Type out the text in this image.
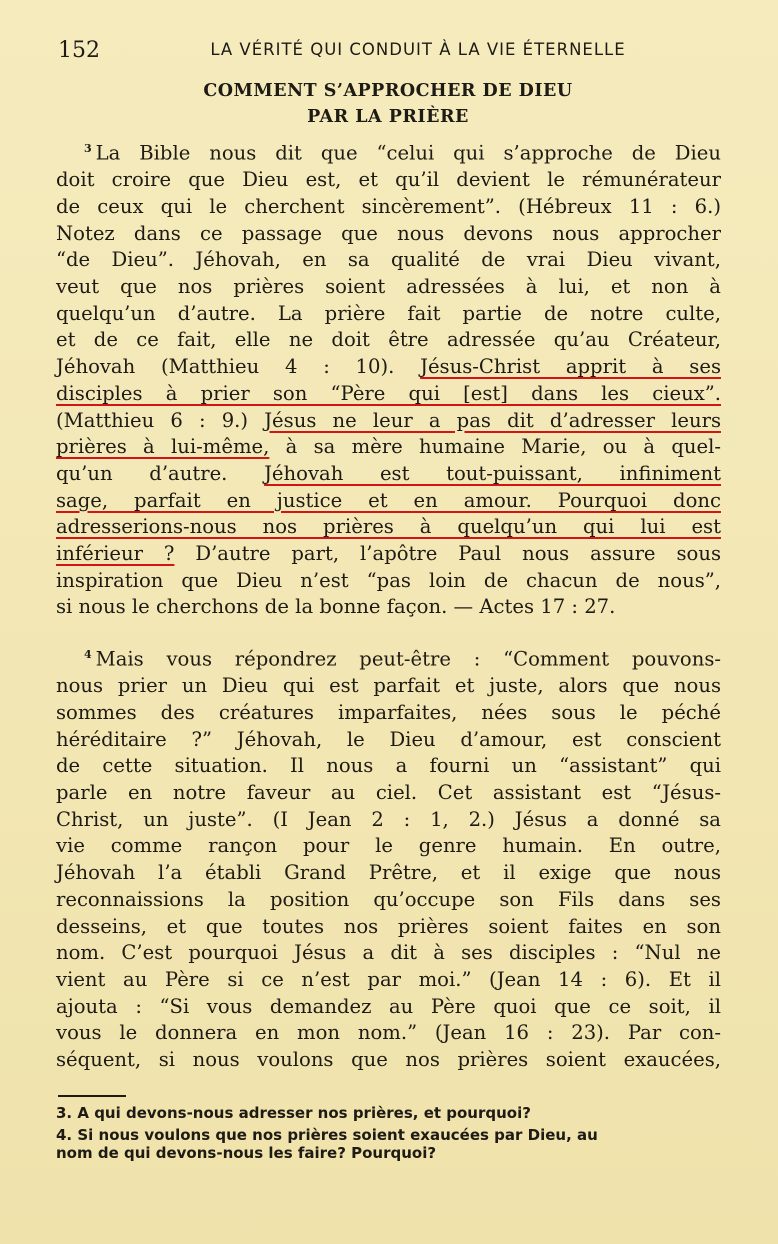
152	LA VÉRITÉ QUI CONDUIT À LA VIE ÉTERNELLE
COMMENT S’APPROCHER DE DIEU
PAR LA PRIÈRE
$^3$ La Bible nous dit que “celui qui s’approche de Dieu
doit croire que Dieu est, et qu’il devient le rémunérateur
de ceux qui le cherchent sincèrement”. (Hébreux 11 : 6.)
Notez dans ce passage que nous devons nous approcher
“de Dieu”. Jéhovah, en sa qualité de vrai Dieu vivant,
veut que nos prières soient adressées à lui, et non à
quelqu’un d’autre. La prière fait partie de notre culte,
et de ce fait, elle ne doit être adressée qu’au Créateur,
Jéhovah (Matthieu 4 : 10). Jésus-Christ apprit à ses
disciples à prier son “Père qui [est] dans les cieux”.
(Matthieu 6 : 9.) Jésus ne leur a pas dit d’adresser leurs
prières à lui-même, à sa mère humaine Marie, ou à quel-
qu’un d’autre. Jéhovah est tout-puissant, infiniment
sage, parfait en justice et en amour. Pourquoi donc
adresserions-nous nos prières à quelqu’un qui lui est
inférieur ? D’autre part, l’apôtre Paul nous assure sous
inspiration que Dieu n’est “pas loin de chacun de nous”,
si nous le cherchons de la bonne façon. — Actes 17 : 27.
$^4$ Mais vous répondrez peut-être : “Comment pouvons-
nous prier un Dieu qui est parfait et juste, alors que nous
sommes des créatures imparfaites, nées sous le péché
héréditaire ?” Jéhovah, le Dieu d’amour, est conscient
de cette situation. Il nous a fourni un “assistant” qui
parle en notre faveur au ciel. Cet assistant est “Jésus-
Christ, un juste”. (I Jean 2 : 1, 2.) Jésus a donné sa
vie comme rançon pour le genre humain. En outre,
Jéhovah l’a établi Grand Prêtre, et il exige que nous
reconnaissions la position qu’occupe son Fils dans ses
desseins, et que toutes nos prières soient faites en son
nom. C’est pourquoi Jésus a dit à ses disciples : “Nul ne
vient au Père si ce n’est par moi.” (Jean 14 : 6). Et il
ajouta : “Si vous demandez au Père quoi que ce soit, il
vous le donnera en mon nom.” (Jean 16 : 23). Par con-
séquent, si nous voulons que nos prières soient exaucées,
3. A qui devons-nous adresser nos prières, et pourquoi?
4. Si nous voulons que nos prières soient exaucées par Dieu, au
nom de qui devons-nous les faire? Pourquoi?
